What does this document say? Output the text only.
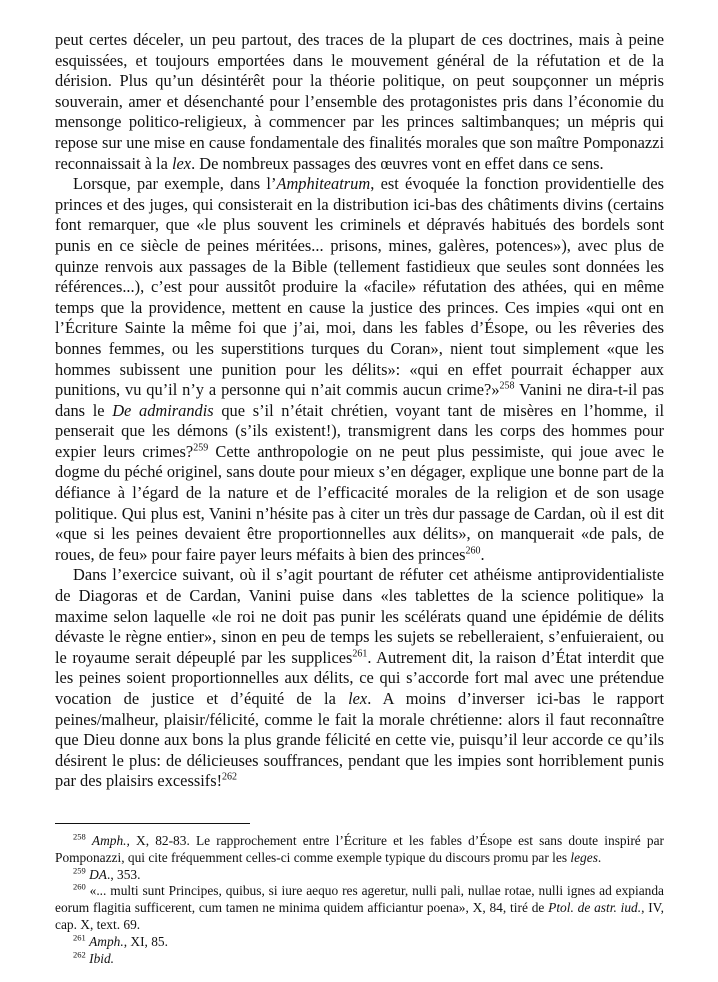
peut certes déceler, un peu partout, des traces de la plupart de ces doctrines, mais à peine esquissées, et toujours emportées dans le mouvement général de la réfutation et de la dérision. Plus qu’un désintérêt pour la théorie politique, on peut soupçonner un mépris souverain, amer et désenchanté pour l’ensemble des protagonistes pris dans l’économie du mensonge politico-religieux, à commencer par les princes saltimbanques; un mépris qui repose sur une mise en cause fondamentale des finalités morales que son maître Pomponazzi reconnaissait à la lex. De nombreux passages des œuvres vont en effet dans ce sens.

Lorsque, par exemple, dans l’Amphiteatrum, est évoquée la fonction providentielle des princes et des juges, qui consisterait en la distribution ici-bas des châtiments divins (certains font remarquer, que «le plus souvent les criminels et dépravés habitués des bordels sont punis en ce siècle de peines méritées... prisons, mines, galères, potences»), avec plus de quinze renvois aux passages de la Bible (tellement fastidieux que seules sont données les références...), c’est pour aussitôt produire la «facile» réfutation des athées, qui en même temps que la providence, mettent en cause la justice des princes. Ces impies «qui ont en l’Écriture Sainte la même foi que j’ai, moi, dans les fables d’Ésope, ou les rêveries des bonnes femmes, ou les superstitions turques du Coran», nient tout simplement «que les hommes subissent une punition pour les délits»: «qui en effet pourrait échapper aux punitions, vu qu’il n’y a personne qui n’ait commis aucun crime?»$^{258}$ Vanini ne dira-t-il pas dans le De admirandis que s’il n’était chrétien, voyant tant de misères en l’homme, il penserait que les démons (s’ils existent!), transmigrent dans les corps des hommes pour expier leurs crimes?$^{259}$ Cette anthropologie on ne peut plus pessimiste, qui joue avec le dogme du péché originel, sans doute pour mieux s’en dégager, explique une bonne part de la défiance à l’égard de la nature et de l’efficacité morales de la religion et de son usage politique. Qui plus est, Vanini n’hésite pas à citer un très dur passage de Cardan, où il est dit «que si les peines devaient être proportionnelles aux délits», on manquerait «de pals, de roues, de feu» pour faire payer leurs méfaits à bien des princes$^{260}$.

Dans l’exercice suivant, où il s’agit pourtant de réfuter cet athéisme antiprovidentialiste de Diagoras et de Cardan, Vanini puise dans «les tablettes de la science politique» la maxime selon laquelle «le roi ne doit pas punir les scélérats quand une épidémie de délits dévaste le règne entier», sinon en peu de temps les sujets se rebelleraient, s’enfuieraient, ou le royaume serait dépeuplé par les supplices$^{261}$. Autrement dit, la raison d’État interdit que les peines soient proportionnelles aux délits, ce qui s’accorde fort mal avec une prétendue vocation de justice et d’équité de la lex. A moins d’inverser ici-bas le rapport peines/malheur, plaisir/félicité, comme le fait la morale chrétienne: alors il faut reconnaître que Dieu donne aux bons la plus grande félicité en cette vie, puisqu’il leur accorde ce qu’ils désirent le plus: de délicieuses souffrances, pendant que les impies sont horriblement punis par des plaisirs excessifs!$^{262}$

$^{258}$ Amph., X, 82-83. Le rapprochement entre l’Écriture et les fables d’Ésope est sans doute inspiré par Pomponazzi, qui cite fréquemment celles-ci comme exemple typique du discours promu par les leges.

$^{259}$ DA., 353.

$^{260}$ «... multi sunt Principes, quibus, si iure aequo res ageretur, nulli pali, nullae rotae, nulli ignes ad expianda eorum flagitia sufficerent, cum tamen ne minima quidem afficiantur poena», X, 84, tiré de Ptol. de astr. iud., IV, cap. X, text. 69.

$^{261}$ Amph., XI, 85.

$^{262}$ Ibid.
